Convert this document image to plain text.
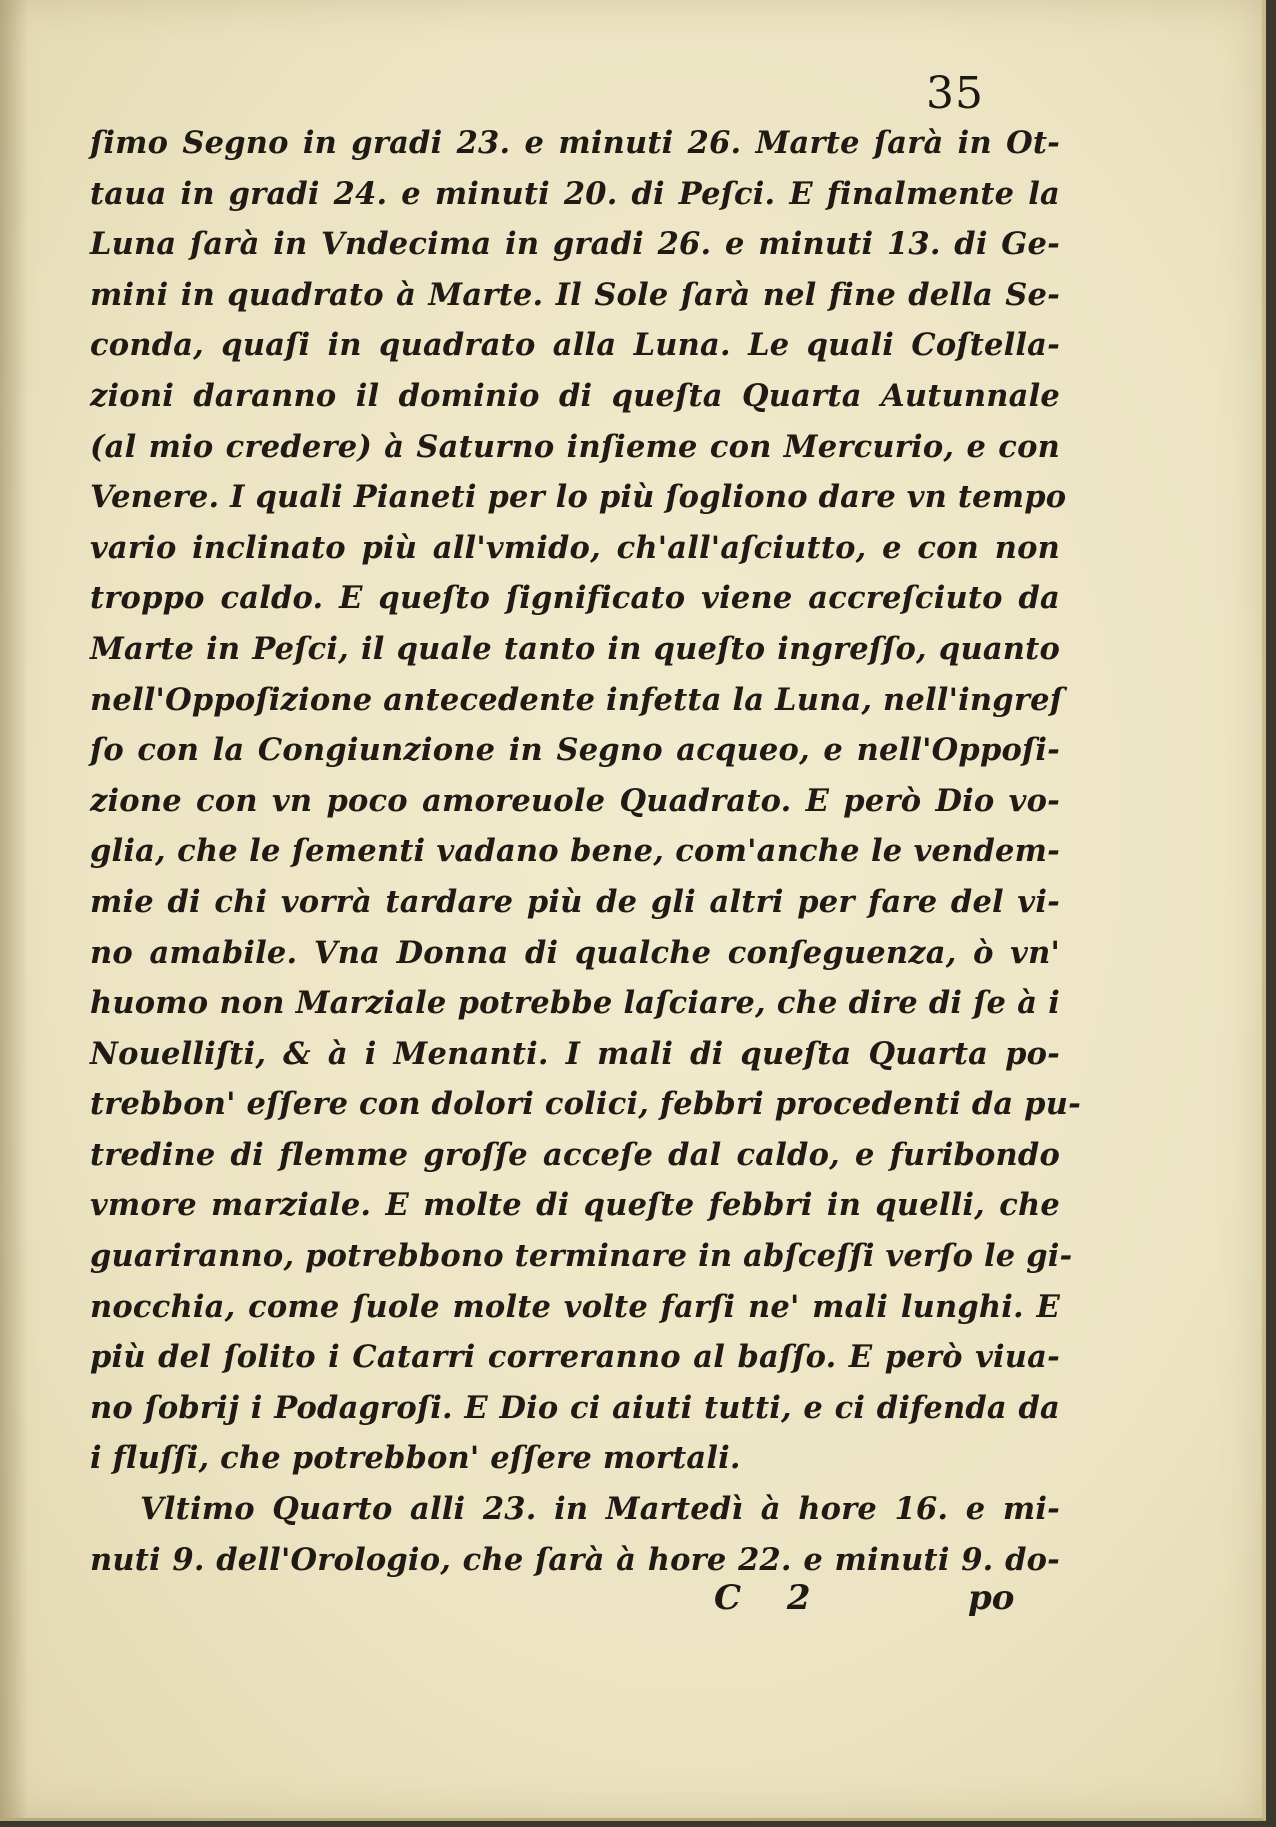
35
ſimo Segno in gradi 23. e minuti 26. Marte ſarà in Ot-
taua in gradi 24. e minuti 20. di Peſci. E finalmente la
Luna ſarà in Vndecima in gradi 26. e minuti 13. di Ge-
mini in quadrato à Marte. Il Sole ſarà nel fine della Se-
conda, quaſi in quadrato alla Luna. Le quali Coſtella-
zioni daranno il dominio di queſta Quarta Autunnale
(al mio credere) à Saturno inſieme con Mercurio, e con
Venere. I quali Pianeti per lo più ſogliono dare vn tempo
vario inclinato più all'vmido, ch'all'aſciutto, e con non
troppo caldo. E queſto ſignificato viene accreſciuto da
Marte in Peſci, il quale tanto in queſto ingreſſo, quanto
nell'Oppoſizione antecedente infetta la Luna, nell'ingreſ
ſo con la Congiunzione in Segno acqueo, e nell'Oppoſi-
zione con vn poco amoreuole Quadrato. E però Dio vo-
glia, che le ſementi vadano bene, com'anche le vendem-
mie di chi vorrà tardare più de gli altri per fare del vi-
no amabile. Vna Donna di qualche conſeguenza, ò vn'
huomo non Marziale potrebbe laſciare, che dire di ſe à i
Nouelliſti, & à i Menanti. I mali di queſta Quarta po-
trebbon' eſſere con dolori colici, febbri procedenti da pu-
tredine di flemme groſſe acceſe dal caldo, e furibondo
vmore marziale. E molte di queſte febbri in quelli, che
guariranno, potrebbono terminare in abſceſſi verſo le gi-
nocchia, come ſuole molte volte farſi ne' mali lunghi. E
più del ſolito i Catarri correranno al baſſo. E però viua-
no ſobrij i Podagroſi. E Dio ci aiuti tutti, e ci difenda da
i fluſſi, che potrebbon' eſſere mortali.
Vltimo Quarto alli 23. in Martedì à hore 16. e mi-
nuti 9. dell'Orologio, che ſarà à hore 22. e minuti 9. do-
C 2	po
